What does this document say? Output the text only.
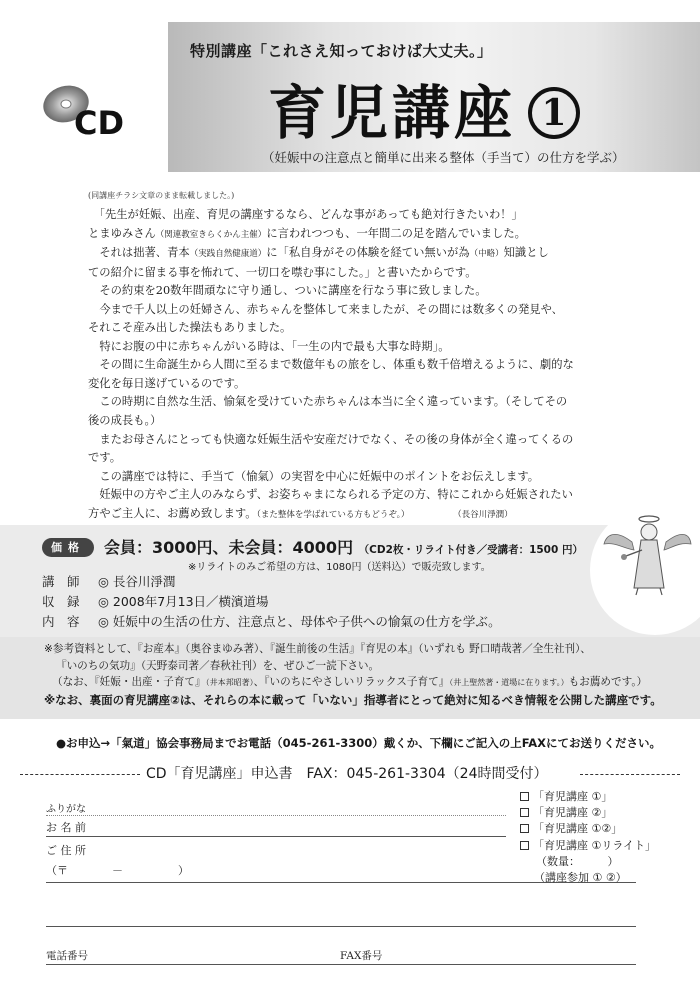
CD
特別講座「これさえ知っておけば大丈夫。」
育児講座 1
（妊娠中の注意点と簡単に出来る整体（手当て）の仕方を学ぶ）
(同講座チラシ文章のまま転載しました。)

　「先生が妊娠、出産、育児の講座するなら、どんな事があっても絶対行きたいわ！」

とまゆみさん（関連教室きらくかん主催）に言われつつも、一年間二の足を踏んでいました。

　それは拙著、青本（実践自然健康道）に「私自身がその体験を経てい無いが為（中略）知識とし

ての紹介に留まる事を怖れて、一切口を噤む事にした。」と書いたからです。

　その約束を20数年間頑なに守り通し、ついに講座を行なう事に致しました。

　今まで千人以上の妊婦さん、赤ちゃんを整体して来ましたが、その間には数多くの発見や、

それこそ産み出した操法もありました。

　特にお腹の中に赤ちゃんがいる時は、「一生の内で最も大事な時期」。

　その間に生命誕生から人間に至るまで数億年もの旅をし、体重も数千倍増えるように、劇的な

変化を毎日遂げているのです。

　この時期に自然な生活、愉氣を受けていた赤ちゃんは本当に全く違っています。（そしてその

後の成長も。）

　またお母さんにとっても快適な妊娠生活や安産だけでなく、その後の身体が全く違ってくるの

です。

　この講座では特に、手当て（愉氣）の実習を中心に妊娠中のポイントをお伝えします。

　妊娠中の方やご主人のみならず、お姿ちゃまになられる予定の方、特にこれから妊娠されたい

方やご主人に、お薦め致します。（また整体を学ばれている方もどうぞ。）	（長谷川淨潤）

価格	会員：3000円、未会員：4000円 （CD2枚・リライト付き／受講者：1500 円）
※リライトのみご希望の方は、1080円（送料込）で販売致します。
講　師 ◎ 長谷川淨潤
収　録 ◎ 2008年7月13日／横濱道場
内　容 ◎ 妊娠中の生活の仕方、注意点と、母体や子供への愉氣の仕方を学ぶ。

※参考資料として、『お産本』（奥谷まゆみ著）、『誕生前後の生活』『育児の本』（いずれも 野口晴哉著／全生社刊）、

『いのちの気功』（天野泰司著／春秋社刊）を、ぜひご一読下さい。

（なお、『妊娠・出産・子育て』（井本邦昭著）、『いのちにやさしいリラックス子育て』（井上聖然著・道場に在ります。）もお薦めです。）

※なお、裏面の育児講座②は、それらの本に載って「いない」指導者にとって絶対に知るべき情報を公開した講座です。

●お申込→「氣道」協会事務局までお電話（045-261-3300）戴くか、下欄にご記入の上FAXにてお送りください。
CD「育児講座」申込書　FAX：045-261-3304（24時間受付）
ふりがな
お 名 前
ご 住 所
（〒　　　　－　　　　　）
電話番号	FAX番号

「育児講座 ①」

「育児講座 ②」

「育児講座 ①②」

「育児講座 ①リライト」

（数量：　　　）

（講座参加 ① ②）
